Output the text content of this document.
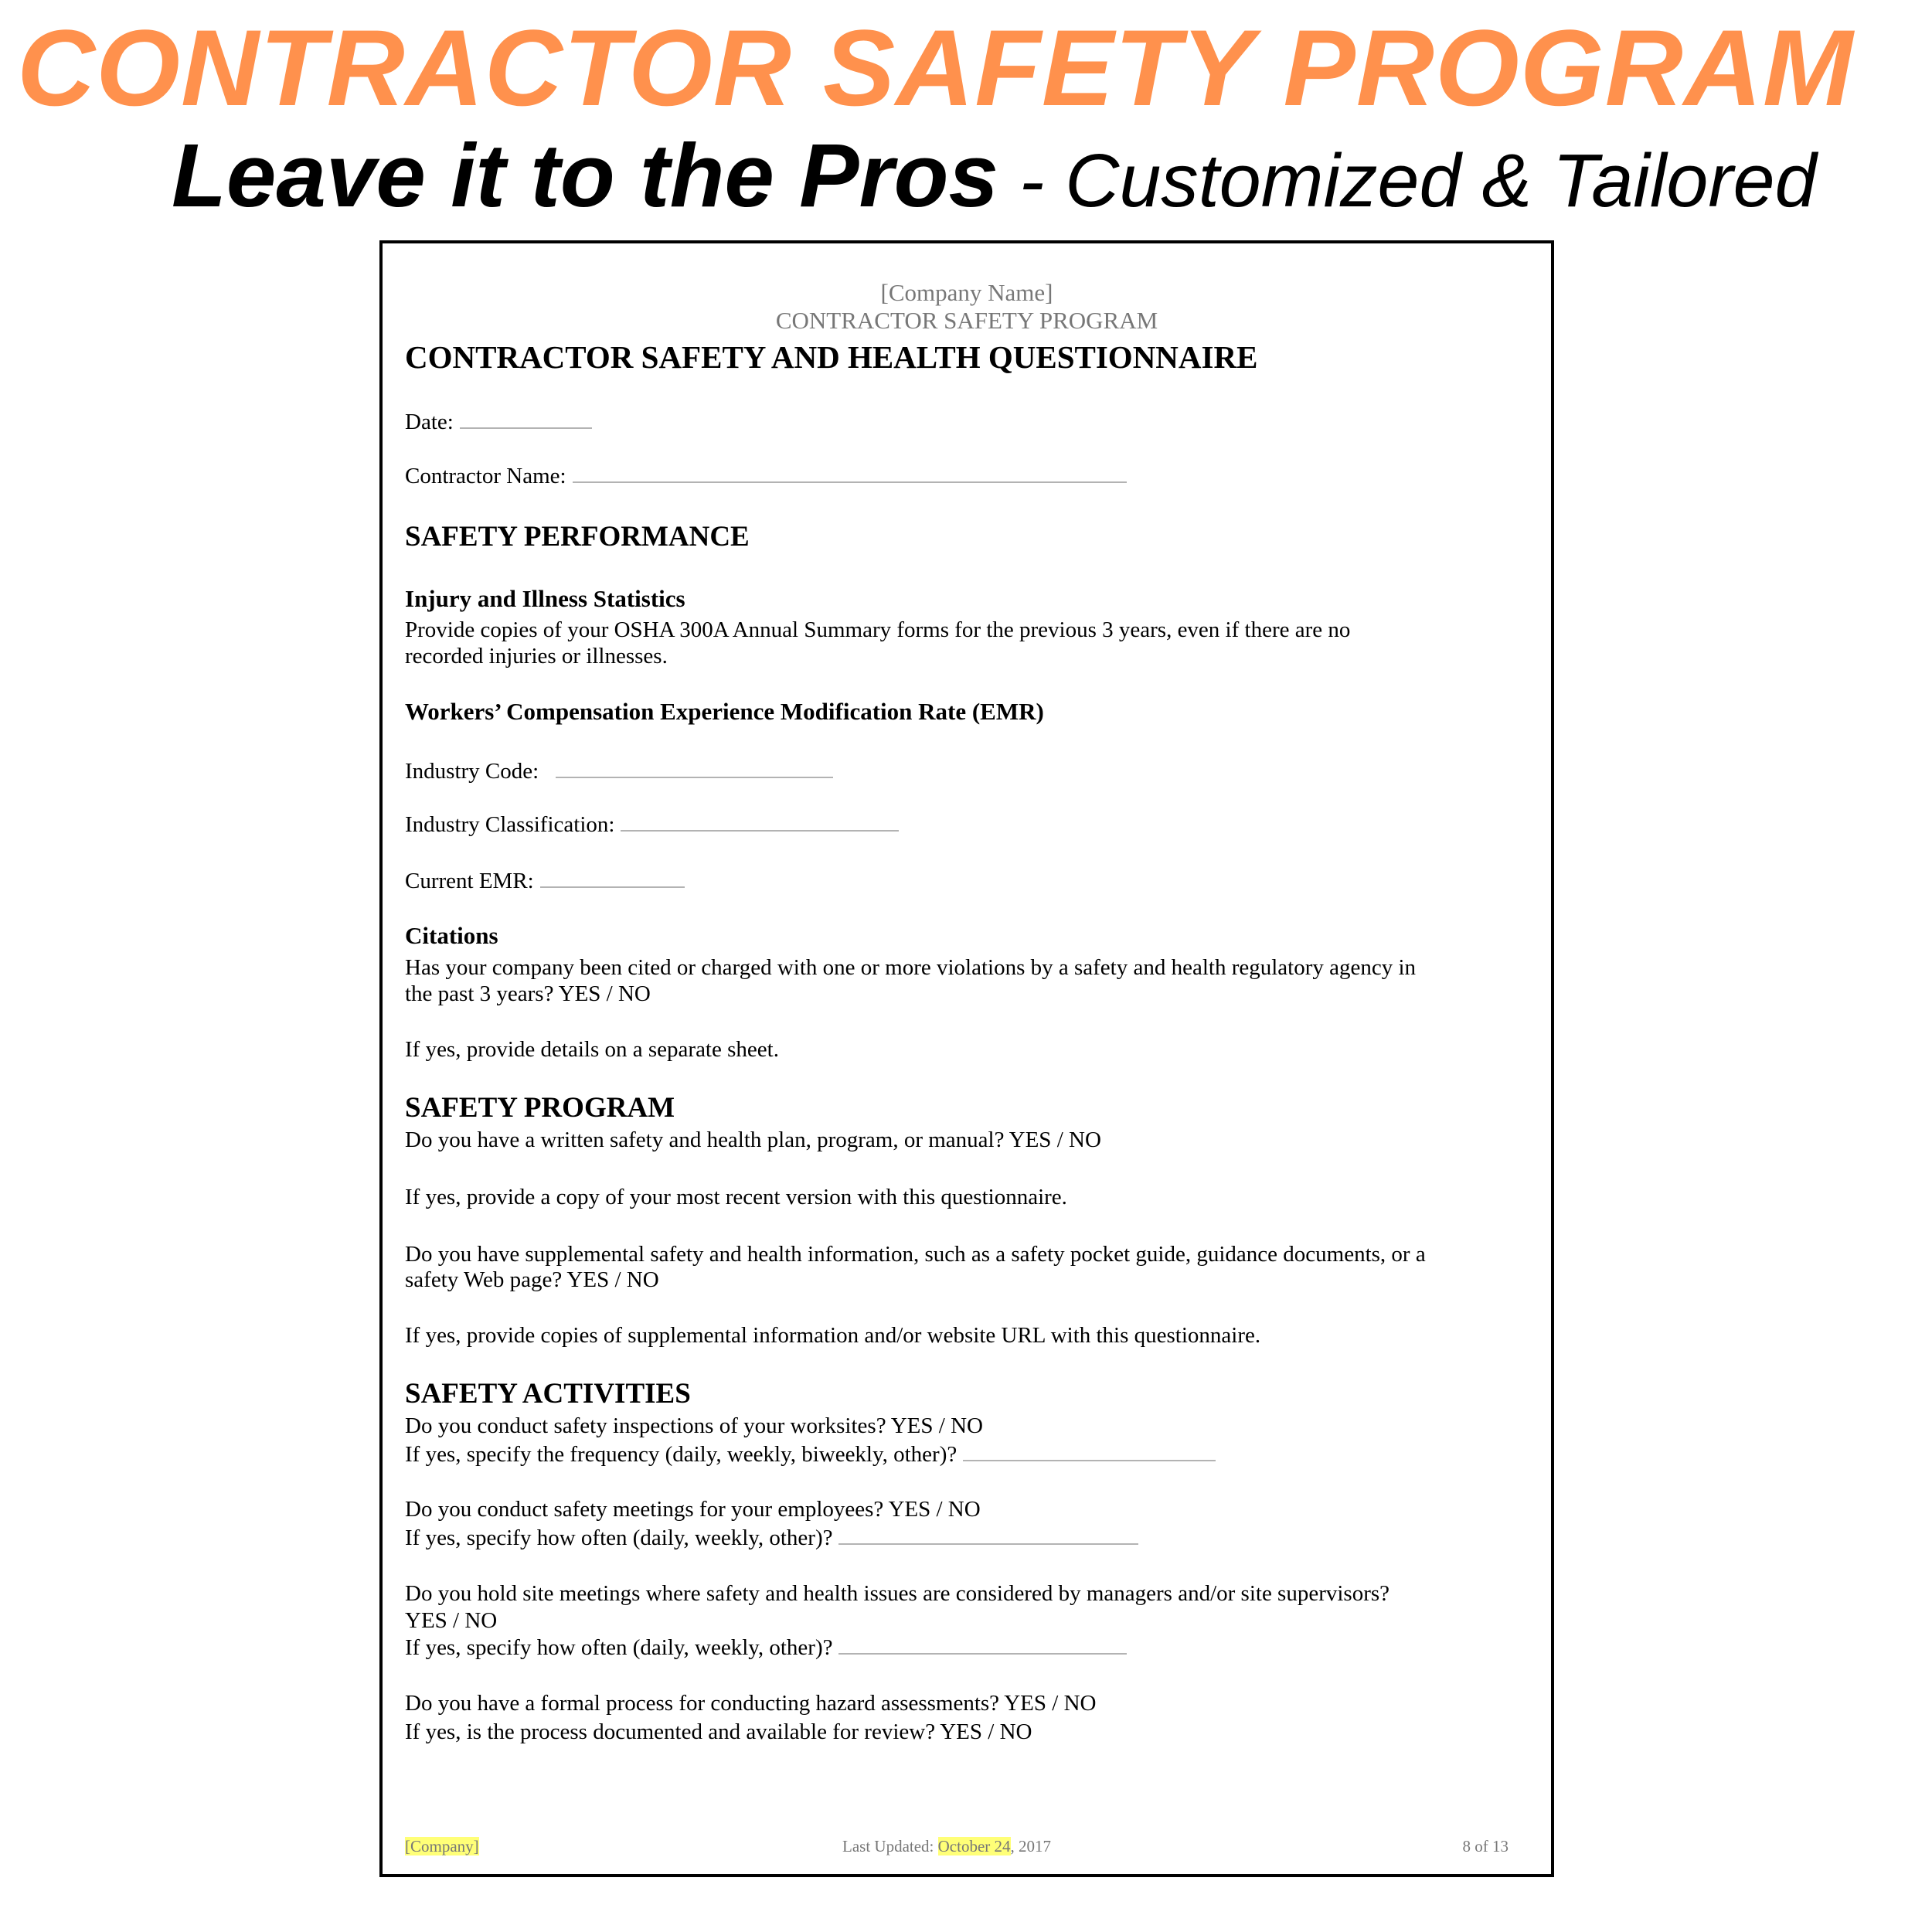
CONTRACTOR SAFETY PROGRAM
Leave it to the Pros - Customized & Tailored
[Company Name]
CONTRACTOR SAFETY PROGRAM
CONTRACTOR SAFETY AND HEALTH QUESTIONNAIRE
Date:
Contractor Name:
SAFETY PERFORMANCE
Injury and Illness Statistics
Provide copies of your OSHA 300A Annual Summary forms for the previous 3 years, even if there are no
recorded injuries or illnesses.
Workers’ Compensation Experience Modification Rate (EMR)
Industry Code:
Industry Classification:
Current EMR:
Citations
Has your company been cited or charged with one or more violations by a safety and health regulatory agency in
the past 3 years? YES / NO
If yes, provide details on a separate sheet.
SAFETY PROGRAM
Do you have a written safety and health plan, program, or manual? YES / NO
If yes, provide a copy of your most recent version with this questionnaire.
Do you have supplemental safety and health information, such as a safety pocket guide, guidance documents, or a
safety Web page? YES / NO
If yes, provide copies of supplemental information and/or website URL with this questionnaire.
SAFETY ACTIVITIES
Do you conduct safety inspections of your worksites? YES / NO
If yes, specify the frequency (daily, weekly, biweekly, other)?
Do you conduct safety meetings for your employees? YES / NO
If yes, specify how often (daily, weekly, other)?
Do you hold site meetings where safety and health issues are considered by managers and/or site supervisors?
YES / NO
If yes, specify how often (daily, weekly, other)?
Do you have a formal process for conducting hazard assessments? YES / NO
If yes, is the process documented and available for review? YES / NO
[Company]	Last Updated: October 24, 2017	8 of 13
